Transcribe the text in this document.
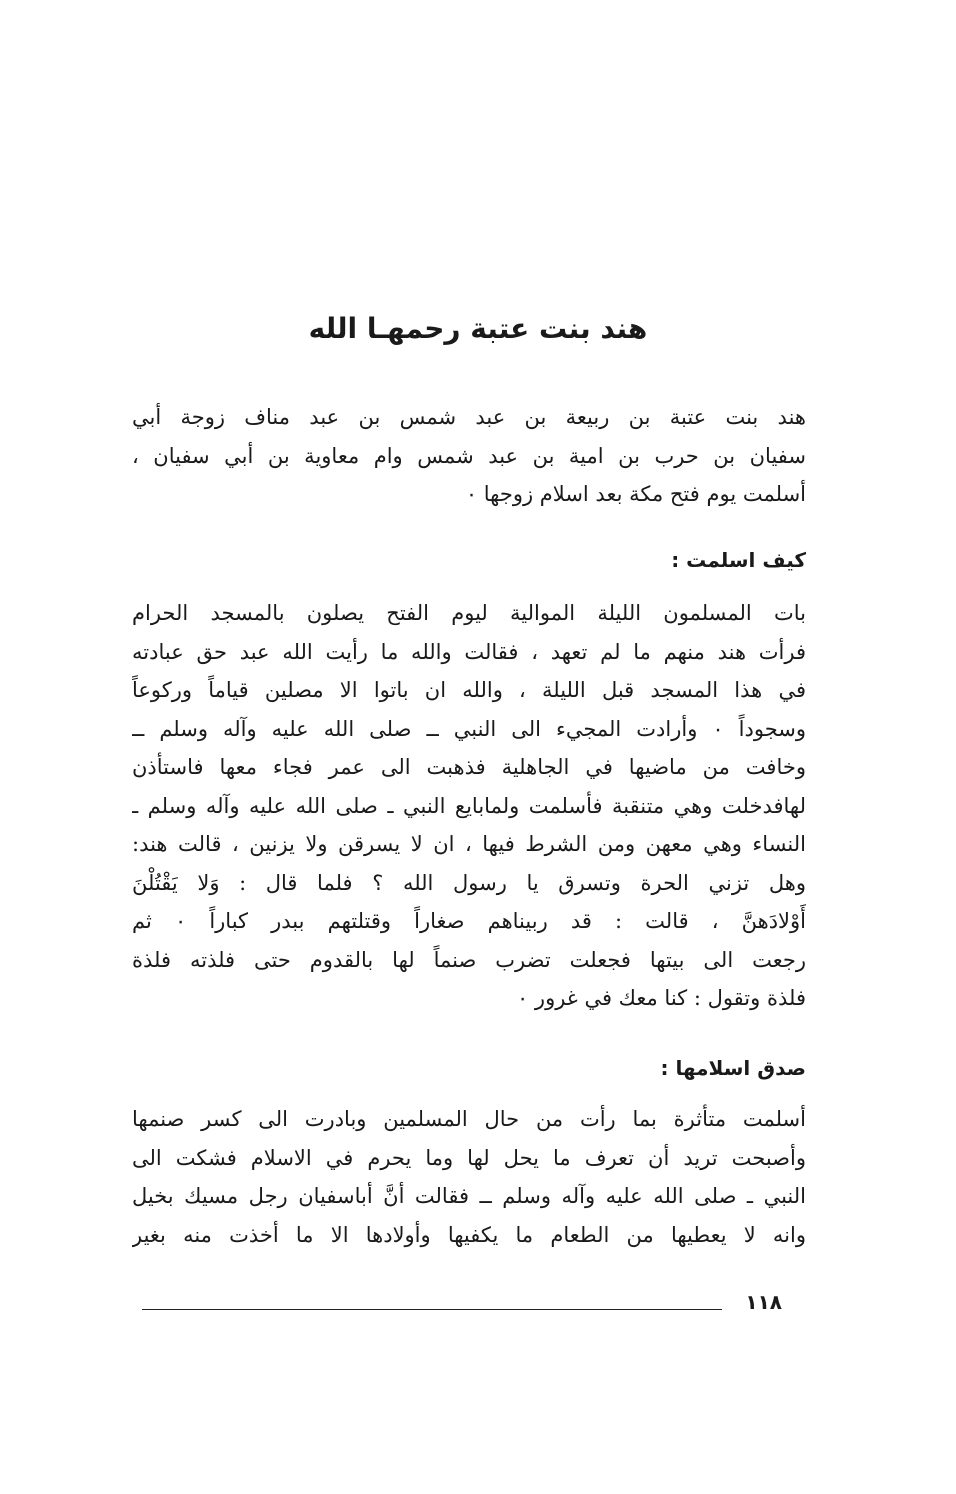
هند بنت عتبة رحمهـا الله
هند بنت عتبة بن ربيعة بن عبد شمس بن عبد مناف زوجة أبي
سفيان بن حرب بن امية بن عبد شمس وام معاوية بن أبي سفيان ،
أسلمت يوم فتح مكة بعد اسلام زوجها ٠
كيف اسلمت :
بات المسلمون الليلة الموالية ليوم الفتح يصلون بالمسجد الحرام
فرأت هند منهم ما لم تعهد ، فقالت والله ما رأيت الله عبد حق عبادته
في هذا المسجد قبل الليلة ، والله ان باتوا الا مصلين قياماً وركوعاً
وسجوداً ٠ وأرادت المجيء الى النبي ــ صلى الله عليه وآله وسلم ــ
وخافت من ماضيها في الجاهلية فذهبت الى عمر فجاء معها فاستأذن
لهافدخلت وهي متنقبة فأسلمت ولمابايع النبي ـ صلى الله عليه وآله وسلم ـ
النساء وهي معهن ومن الشرط فيها ، ان لا يسرقن ولا يزنين ، قالت هند:
وهل تزني الحرة وتسرق يا رسول الله ؟ فلما قال : وَلا يَقْتُلْنَ
أَوْلادَهنَّ ، قالت : قد ربيناهم صغاراً وقتلتهم ببدر كباراً ٠ ثم
رجعت الى بيتها فجعلت تضرب صنماً لها بالقدوم حتى فلذته فلذة
فلذة وتقول : كنا معك في غرور ٠
صدق اسلامها :
أسلمت متأثرة بما رأت من حال المسلمين وبادرت الى كسر صنمها
وأصبحت تريد أن تعرف ما يحل لها وما يحرم في الاسلام فشكت الى
النبي ـ صلى الله عليه وآله وسلم ــ فقالت أنَّ أباسفيان رجل مسيك بخيل
وانه لا يعطيها من الطعام ما يكفيها وأولادها الا ما أخذت منه بغير
١١٨
